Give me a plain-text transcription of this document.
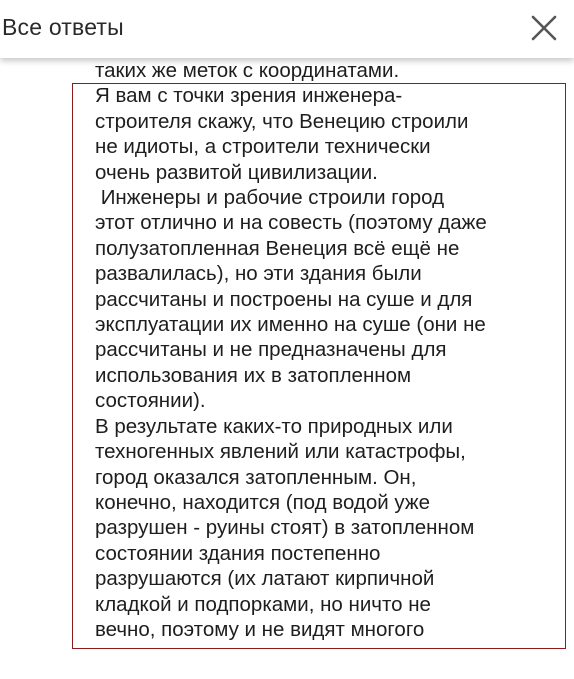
таких же меток с координатами.
Я вам с точки зрения инженера-
строителя скажу, что Венецию строили
не идиоты, а строители технически
очень развитой цивилизации.
Инженеры и рабочие строили город
этот отлично и на совесть (поэтому даже
полузатопленная Венеция всё ещё не
развалилась), но эти здания были
рассчитаны и построены на суше и для
эксплуатации их именно на суше (они не
рассчитаны и не предназначены для
использования их в затопленном
состоянии).
В результате каких-то природных или
техногенных явлений или катастрофы,
город оказался затопленным. Он,
конечно, находится (под водой уже
разрушен - руины стоят) в затопленном
состоянии здания постепенно
разрушаются (их латают кирпичной
кладкой и подпорками, но ничто не
вечно, поэтому и не видят многого
Все ответы
